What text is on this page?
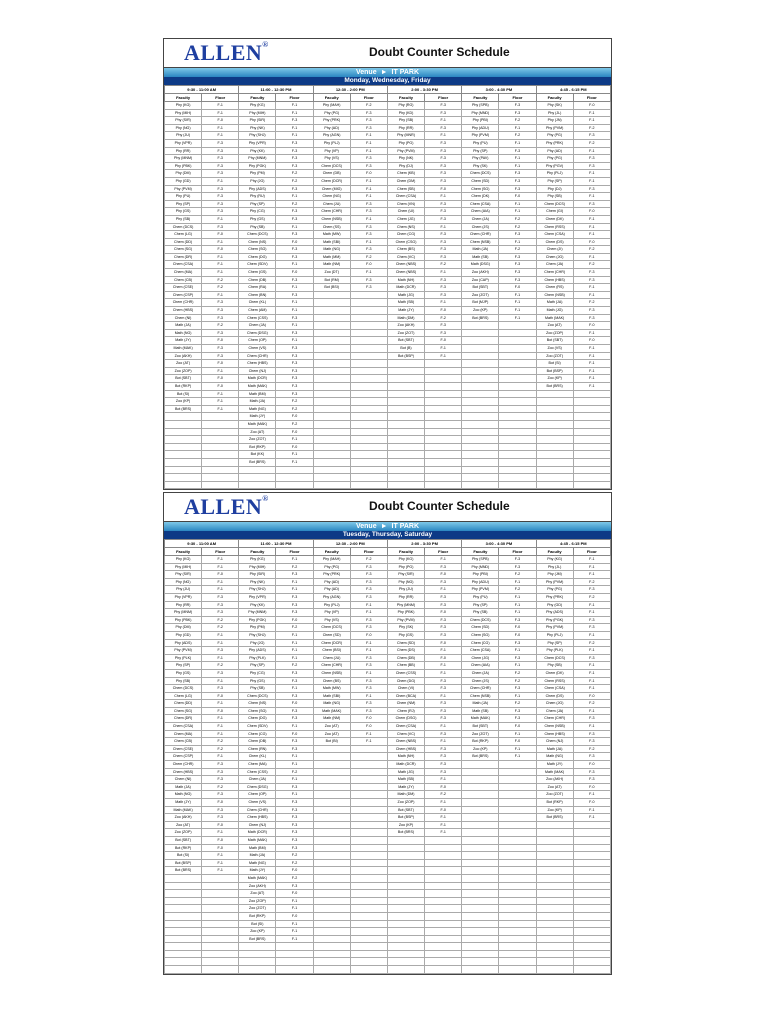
ALLEN®
Doubt Counter Schedule
Venue ► IT PARK
Monday, Wednesday, Friday
9:30 - 11:00 AM		11:00 - 12:30 PM		12:30 - 2:00 PM		2:00 - 3:30 PM		3:00 - 4:30 PM		4:45 - 6:15 PM	
Faculty	Floor	Faculty	Floor	Faculty	Floor	Faculty	Floor	Faculty	Floor	Faculty	Floor
Phy (KG)	F-1	Phy (KG)	F-1	Phy (MAH)	F-2	Phy (RG)	F-3	Phy (SPB)	F-3	Phy (SK)	F-0
Phy (MIH)	F-1	Phy (MIH)	F-1	Phy (PG)	F-3	Phy (KD)	F-3	Phy (MND)	F-3	Phy (JL)	F-1
Phy (SIR)	F-0	Phy (SIR)	F-3	Phy (PRK)	F-3	Phy (SB)	F-1	Phy (PBI)	F-2	Phy (JN)	F-1
Phy (NG)	F-1	Phy (NK)	F-1	Phy (AD)	F-3	Phy (RR)	F-3	Phy (ADU)	F-1	Phy (PVM)	F-2
Phy (JU)	F-1	Phy (SHJ)	F-1	Phy (AGN)	F-1	Phy (MNR)	F-1	Phy (PVM)	F-2	Phy (PG)	F-3
Phy (VPR)	F-3	Phy (VPR)	F-3	Phy (PLJ)	F-1	Phy (PG)	F-3	Phy (PU)	F-1	Phy (PRK)	F-2
Phy (RR)	F-3	Phy (KK)	F-3	Phy (VP)	F-1	Phy (PVM)	F-3	Phy (SP)	F-3	Phy (AD)	F-1
Phy (MNM)	F-3	Phy (MNM)	F-3	Phy (VS)	F-3	Phy (NK)	F-3	Phy (PAV)	F-1	Phy (PG)	F-3
Phy (PBK)	F-3	Phy (PGK)	F-3	Chem (DCS)	F-3	Phy (DJ)	F-3	Phy (SK)	F-1	Phy (PGV)	F-3
Phy (DM)	F-3	Phy (PM)	F-2	Chem (DB)	F-0	Chem (KB)	F-3	Chem (DCS)	F-3	Phy (PLJ)	F-1
Phy (GD)	F-1	Phy (JG)	F-2	Chem (DCR)	F-1	Chem (DM)	F-3	Chem (SD)	F-3	Phy (SP)	F-1
Phy (PVM)	F-3	Phy (ADS)	F-3	Chem (MIG)	F-1	Chem (SB)	F-0	Chem (SG)	F-3	Phy (DJ)	F-3
Phy (PU)	F-3	Phy (RU)	F-1	Chem (NG)	F-1	Chem (CSA)	F-1	Chem (DK)	F-0	Phy (SB)	F-1
Phy (SP)	F-3	Phy (SP)	F-2	Chem (JU)	F-3	Chem (VN)	F-3	Chem (CSA)	F-1	Chem (DCS)	F-3
Phy (GS)	F-3	Phy (CG)	F-3	Chem (CHR)	F-3	Chem (UI)	F-3	Chem (AIA)	F-1	Chem (GI)	F-0
Phy (SB)	F-1	Phy (GS)	F-3	Chem (NSB)	F-1	Chem (JG)	F-3	Chem (JA)	F-2	Chem (DK)	F-1
Chem (DCS)	F-3	Phy (SB)	F-1	Chem (SS)	F-3	Chem (NS)	F-1	Chem (JS)	F-2	Chem (RSS)	F-1
Chem (LG)	F-0	Chem (DCS)	F-3	Math (MW)	F-3	Chem (CG)	F-3	Chem (CHR)	F-3	Chem (CSA)	F-1
Chem (DD)	F-1	Chem (NS)	F-0	Math (SBI)	F-1	Chem (CSG)	F-3	Chem (NSB)	F-1	Chem (DS)	F-0
Chem (SG)	F-0	Chem (SG)	F-3	Math (NG)	F-3	Chem (BS)	F-3	Math (JA)	F-2	Chem (JI)	F-2
Chem (DR)	F-1	Chem (DG)	F-3	Math (MM)	F-2	Chem (VC)	F-3	Math (SB)	F-3	Chem (JG)	F-1
Chem (CSA)	F-1	Chem (SDV)	F-1	Math (NM)	F-0	Chem (NBS)	F-2	Math (DSG)	F-3	Chem (JA)	F-2
Chem (MA)	F-1	Chem (GS)	F-0	Zoo (DT)	F-1	Chem (NBS)	F-1	Zoo (AKH)	F-3	Chem (CHR)	F-3
Chem (CB)	F-2	Chem (DB)	F-3	Bot (RM)	F-3	Math (NH)	F-3	Zoo (CAP)	F-3	Chem (HBS)	F-3
Chem (CSE)	F-2	Chem (RA)	F-1	Bot (BSI)	F-3	Math (DCR)	F-3	Bot (SBT)	F-0	Chem (RS)	F-1
Chem (CSP)	F-1	Chem (BN)	F-3			Math (JG)	F-3	Zoo (ZOT)	F-1	Chem (NSB)	F-1
Chem (CHR)	F-3	Chem (KL)	F-1			Math (SB)	F-1	Bot (MJP)	F-1	Math (JA)	F-2
Chem (HBS)	F-3	Chem (AM)	F-1			Math (JY)	F-0	Zoo (KP)	F-1	Math (JG)	F-3
Chem (NI)	F-3	Chem (CSS)	F-3			Math (DM)	F-2	Bot (BRS)	F-1	Math (MAK)	F-3
Math (JA)	F-2	Chem (JA)	F-1			Zoo (AKH)	F-3			Zoo (AT)	F-0
Math (NG)	F-3	Chem (DSG)	F-3			Zoo (ZOT)	F-3			Zoo (ZOP)	F-1
Math (JY)	F-0	Chem (OP)	F-1			Bot (SBT)	F-0			Bot (SBT)	F-0
Math (MAK)	F-3	Chem (VS)	F-3			Bot (B)	F-1			Zoo (VS)	F-1
Zoo (AKH)	F-3	Chem (CHR)	F-3			Bot (BSP)	F-1			Zoo (ZOT)	F-1
Zoo (AT)	F-0	Chem (HBS)	F-3							Bot (SI)	F-1
Zoo (ZOP)	F-1	Chem (NJ)	F-3							Bot (BSP)	F-1
Bot (SBT)	F-0	Math (DCR)	F-3							Zoo (KP)	F-1
Bot (RKP)	F-0	Math (MAK)	F-3							Bot (BRS)	F-1
Bot (SI)	F-1	Math (BM)	F-3								
Zoo (KP)	F-1	Math (JA)	F-2								
Bot (BRS)	F-1	Math (NG)	F-2								
		Math (JY)	F-0								
		Math (MAK)	F-2								
		Zoo (AT)	F-0								
		Zoo (ZOT)	F-1								
		Bot (RKP)	F-0								
		Bot (KK)	F-1								
		Bot (BRS)	F-1								

ALLEN®
Doubt Counter Schedule
Venue ► IT PARK
Tuesday, Thursday, Saturday
9:30 - 11:00 AM		11:00 - 12:30 PM		12:30 - 2:00 PM		2:00 - 3:30 PM		3:00 - 4:30 PM		4:45 - 6:15 PM	
Faculty	Floor	Faculty	Floor	Faculty	Floor	Faculty	Floor	Faculty	Floor	Faculty	Floor
Phy (KG)	F-1	Phy (KG)	F-1	Phy (MAH)	F-2	Phy (KG)	F-1	Phy (SPB)	F-3	Phy (KG)	F-1
Phy (MIH)	F-1	Phy (MIH)	F-2	Phy (PG)	F-3	Phy (PG)	F-3	Phy (MND)	F-3	Phy (JL)	F-1
Phy (SIR)	F-0	Phy (SIR)	F-3	Phy (PRK)	F-3	Phy (SIR)	F-0	Phy (PBI)	F-2	Phy (JM)	F-1
Phy (NG)	F-1	Phy (NK)	F-1	Phy (AD)	F-3	Phy (NG)	F-3	Phy (ADU)	F-1	Phy (PVM)	F-2
Phy (JU)	F-1	Phy (SHJ)	F-1	Phy (AD)	F-3	Phy (JU)	F-1	Phy (PVM)	F-2	Phy (PG)	F-3
Phy (VPR)	F-3	Phy (VPR)	F-3	Phy (AGN)	F-3	Phy (RR)	F-3	Phy (PU)	F-1	Phy (PRK)	F-2
Phy (RR)	F-3	Phy (KK)	F-3	Phy (PLJ)	F-1	Phy (MNM)	F-3	Phy (SP)	F-1	Phy (GD)	F-1
Phy (MNM)	F-3	Phy (MNM)	F-3	Phy (VP)	F-1	Phy (PBK)	F-0	Phy (SB)	F-1	Phy (ADS)	F-1
Phy (PBK)	F-2	Phy (PGK)	F-0	Phy (VS)	F-3	Phy (PVM)	F-3	Chem (DCS)	F-3	Phy (PGK)	F-3
Phy (DM)	F-2	Phy (PM)	F-2	Chem (DCS)	F-3	Phy (SK)	F-3	Chem (SD)	F-0	Phy (PVM)	F-3
Phy (GD)	F-1	Phy (SHJ)	F-1	Chem (SD)	F-0	Phy (GS)	F-3	Chem (SG)	F-0	Phy (PLJ)	F-1
Phy (ADS)	F-1	Phy (JG)	F-1	Chem (DCR)	F-1	Chem (SD)	F-0	Chem (CG)	F-3	Phy (SP)	F-2
Phy (PVM)	F-3	Phy (ADS)	F-1	Chem (BSI)	F-1	Chem (DS)	F-1	Chem (CSA)	F-1	Phy (PLK)	F-1
Phy (PLK)	F-1	Phy (PLK)	F-1	Chem (JU)	F-3	Chem (DB)	F-0	Chem (JG)	F-3	Chem (DCS)	F-3
Phy (SP)	F-2	Phy (SP)	F-2	Chem (CHR)	F-3	Chem (BB)	F-1	Chem (AIA)	F-1	Phy (SB)	F-1
Phy (GS)	F-3	Phy (CG)	F-3	Chem (NSB)	F-1	Chem (CSS)	F-1	Chem (JA)	F-2	Chem (DK)	F-1
Phy (SB)	F-1	Phy (GS)	F-3	Chem (BS)	F-3	Chem (DG)	F-3	Chem (JS)	F-2	Chem (RSS)	F-1
Chem (DCS)	F-3	Phy (SB)	F-1	Math (MW)	F-3	Chem (VI)	F-3	Chem (CHR)	F-3	Chem (CSA)	F-1
Chem (LG)	F-0	Chem (DCS)	F-3	Math (SBI)	F-1	Chem (BCA)	F-1	Chem (NSB)	F-1	Chem (DS)	F-0
Chem (DD)	F-1	Chem (NS)	F-0	Math (NG)	F-3	Chem (NM)	F-3	Math (JA)	F-2	Chem (JG)	F-2
Chem (SG)	F-0	Chem (SG)	F-3	Math (MAK)	F-3	Chem (RJ)	F-3	Math (SB)	F-3	Chem (JA)	F-1
Chem (DR)	F-1	Chem (DG)	F-3	Math (NM)	F-0	Chem (DSG)	F-3	Math (MAK)	F-3	Chem (CHR)	F-3
Chem (CSA)	F-1	Chem (SDV)	F-1	Zoo (AT)	F-0	Chem (CSA)	F-1	Bot (SBT)	F-0	Chem (NSB)	F-1
Chem (MA)	F-1	Chem (CG)	F-0	Zoo (AT)	F-1	Chem (VC)	F-3	Zoo (ZOT)	F-1	Chem (HBS)	F-3
Chem (CB)	F-2	Chem (DB)	F-3	Bot (BI)	F-1	Chem (NBS)	F-1	Bot (RKP)	F-0	Chem (NJ)	F-3
Chem (CSE)	F-2	Chem (RN)	F-3			Chem (HBS)	F-3	Zoo (KP)	F-1	Math (JA)	F-2
Chem (CSP)	F-1	Chem (KL)	F-1			Math (NH)	F-3	Bot (BRS)	F-1	Math (NG)	F-3
Chem (CHR)	F-3	Chem (MA)	F-1			Math (DCR)	F-3			Math (JY)	F-0
Chem (HBS)	F-3	Chem (CSS)	F-2			Math (JG)	F-3			Math (MAK)	F-3
Chem (NI)	F-3	Chem (JA)	F-1			Math (SB)	F-1			Zoo (AKH)	F-3
Math (JA)	F-2	Chem (DSG)	F-3			Math (JY)	F-0			Zoo (AT)	F-0
Math (NG)	F-3	Chem (OP)	F-1			Math (DM)	F-2			Zoo (ZOT)	F-1
Math (JY)	F-0	Chem (VS)	F-3			Zoo (ZOP)	F-1			Bot (RKP)	F-0
Math (MAK)	F-3	Chem (CHR)	F-3			Bot (SBT)	F-0			Zoo (KP)	F-1
Zoo (AKH)	F-3	Chem (HBS)	F-3			Bot (BSP)	F-1			Bot (BRS)	F-1
Zoo (AT)	F-0	Chem (NJ)	F-3			Zoo (KP)	F-1				
Zoo (ZOP)	F-1	Math (DCR)	F-3			Bot (BRS)	F-1				
Bot (SBT)	F-0	Math (MAK)	F-3								
Bot (RKP)	F-0	Math (BM)	F-3								
Bot (SI)	F-1	Math (JA)	F-2								
Bot (BSP)	F-1	Math (NG)	F-2								
Bot (BRS)	F-1	Math (JY)	F-0								
		Math (MAK)	F-2								
		Zoo (AKH)	F-3								
		Zoo (AT)	F-0								
		Zoo (ZOP)	F-1								
		Zoo (ZOT)	F-1								
		Bot (RKP)	F-0								
		Bot (SI)	F-1								
		Zoo (KP)	F-1								
		Bot (BRS)	F-1								
